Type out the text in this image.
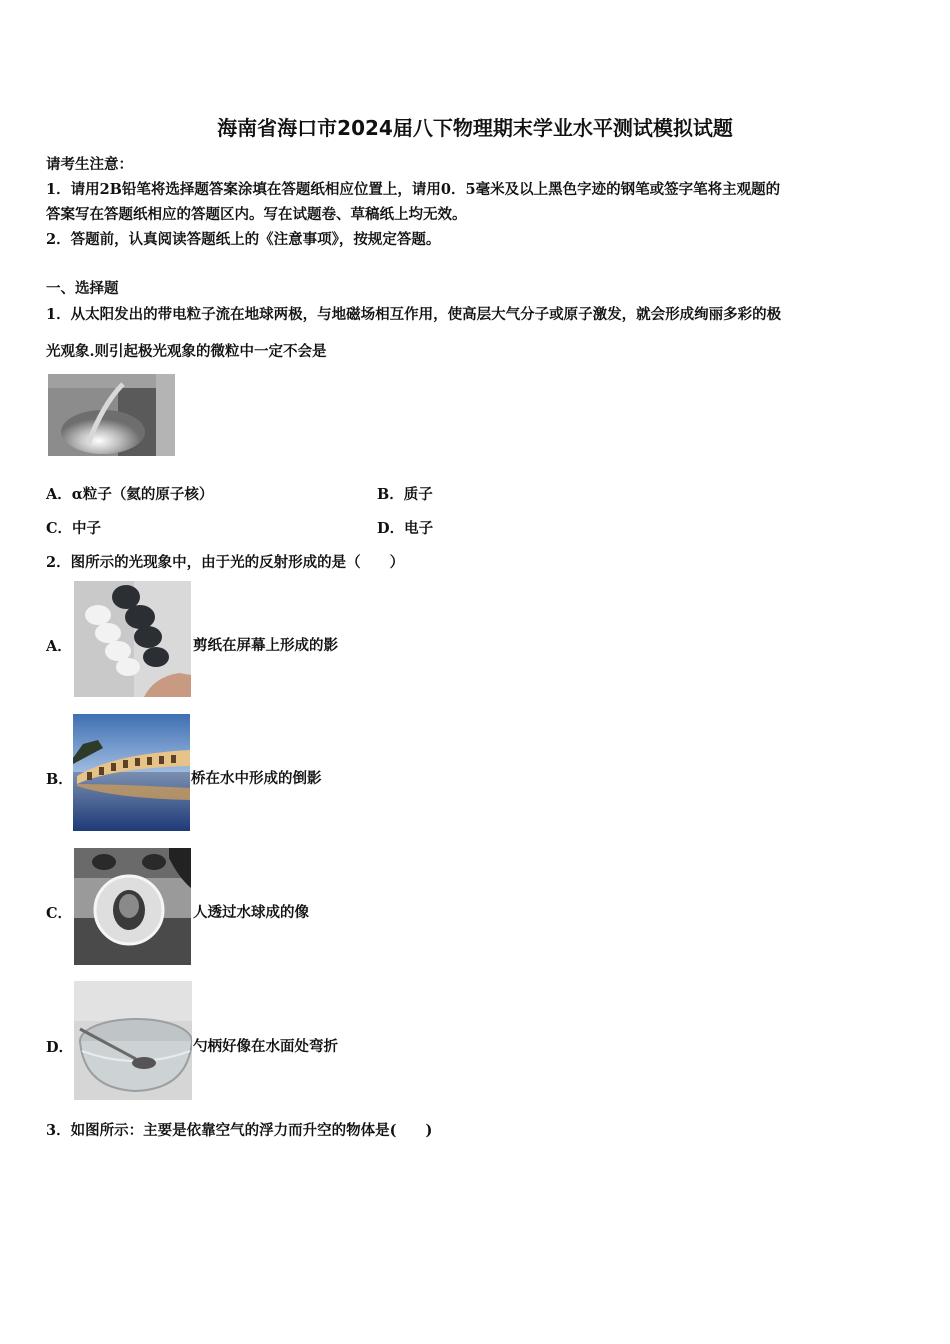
海南省海口市2024届八下物理期末学业水平测试模拟试题
请考生注意：
1．请用2B铅笔将选择题答案涂填在答题纸相应位置上，请用0．5毫米及以上黑色字迹的钢笔或签字笔将主观题的
答案写在答题纸相应的答题区内。写在试题卷、草稿纸上均无效。
2．答题前，认真阅读答题纸上的《注意事项》，按规定答题。
一、选择题
1．从太阳发出的带电粒子流在地球两极，与地磁场相互作用，使高层大气分子或原子激发，就会形成绚丽多彩的极
光观象.则引起极光观象的微粒中一定不会是
A．α粒子（氦的原子核）	B．质子
C．中子	D．电子
2．图所示的光现象中，由于光的反射形成的是（　　）
A．	剪纸在屏幕上形成的影
B．	桥在水中形成的倒影
C．	人透过水球成的像
D．	勺柄好像在水面处弯折
3．如图所示：主要是依靠空气的浮力而升空的物体是(　　)
